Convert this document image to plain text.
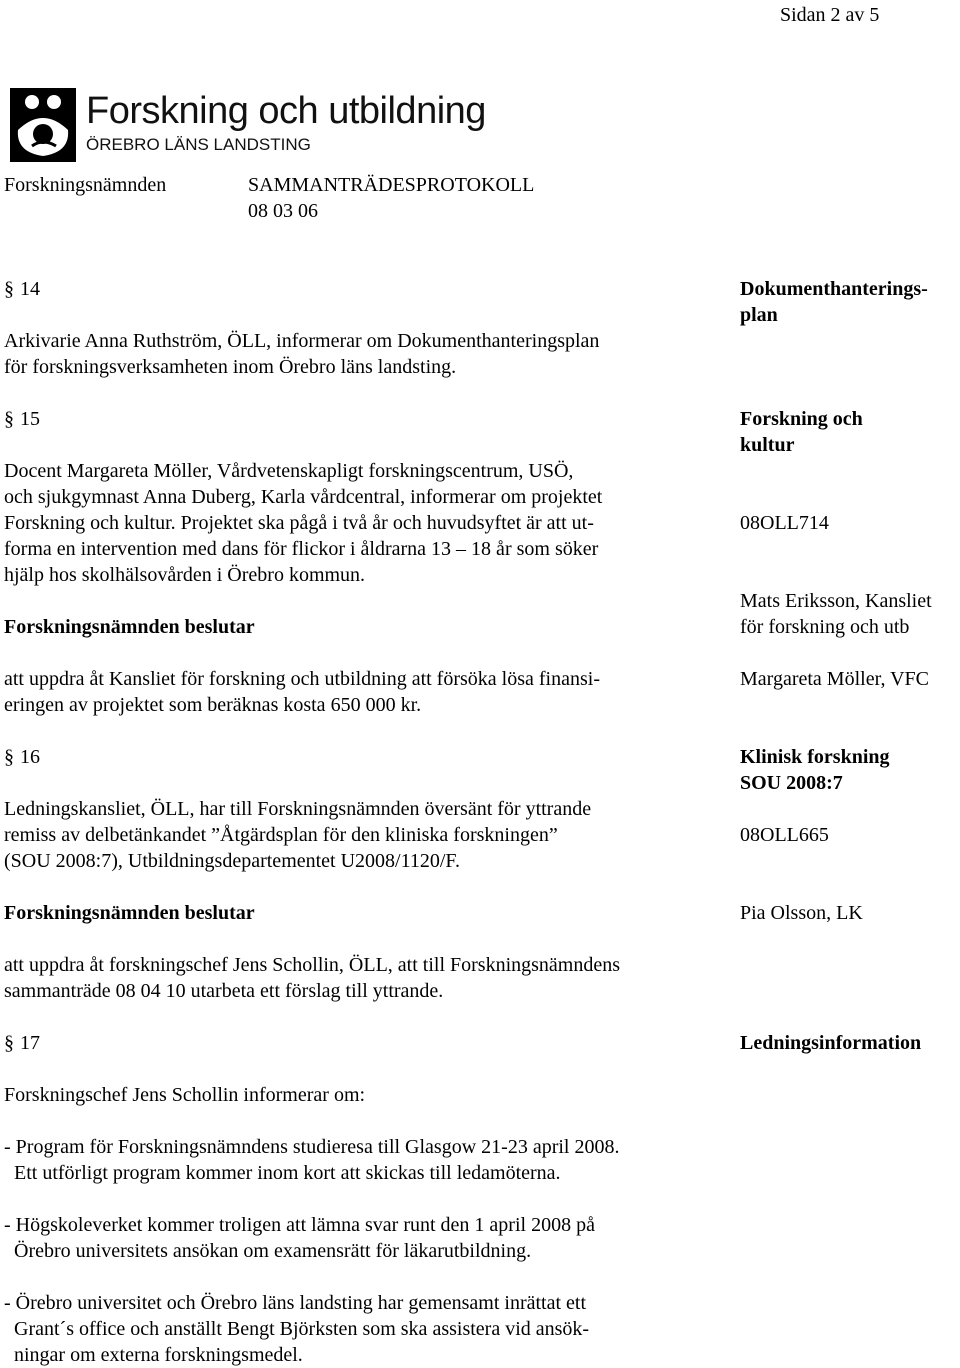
Sidan 2 av 5
Forskning och utbildning
ÖREBRO LÄNS LANDSTING
Forskningsnämnden	SAMMANTRÄDESPROTOKOLL
08 03 06
§ 14
Arkivarie Anna Ruthström, ÖLL, informerar om Dokumenthanteringsplan
för forskningsverksamheten inom Örebro läns landsting.
Dokumenthanterings-
plan
§ 15
Docent Margareta Möller, Vårdvetenskapligt forskningscentrum, USÖ,
och sjukgymnast Anna Duberg, Karla vårdcentral, informerar om projektet
Forskning och kultur. Projektet ska pågå i två år och huvudsyftet är att ut-
forma en intervention med dans för flickor i åldrarna 13 – 18 år som söker
hjälp hos skolhälsovården i Örebro kommun.
Forskningsnämnden beslutar
att uppdra åt Kansliet för forskning och utbildning att försöka lösa finansi-
eringen av projektet som beräknas kosta 650 000 kr.
Forskning och
kultur
08OLL714
Mats Eriksson, Kansliet
för forskning och utb
Margareta Möller, VFC
§ 16
Ledningskansliet, ÖLL, har till Forskningsnämnden översänt för yttrande
remiss av delbetänkandet ”Åtgärdsplan för den kliniska forskningen”
(SOU 2008:7), Utbildningsdepartementet U2008/1120/F.
Forskningsnämnden beslutar
att uppdra åt forskningschef Jens Schollin, ÖLL, att till Forskningsnämndens
sammanträde 08 04 10 utarbeta ett förslag till yttrande.
Klinisk forskning
SOU 2008:7
08OLL665
Pia Olsson, LK
§ 17	Ledningsinformation
Forskningschef Jens Schollin informerar om:
- Program för Forskningsnämndens studieresa till Glasgow 21-23 april 2008.
Ett utförligt program kommer inom kort att skickas till ledamöterna.
- Högskoleverket kommer troligen att lämna svar runt den 1 april 2008 på
Örebro universitets ansökan om examensrätt för läkarutbildning.
- Örebro universitet och Örebro läns landsting har gemensamt inrättat ett
Grant´s office och anställt Bengt Björksten som ska assistera vid ansök-
ningar om externa forskningsmedel.
